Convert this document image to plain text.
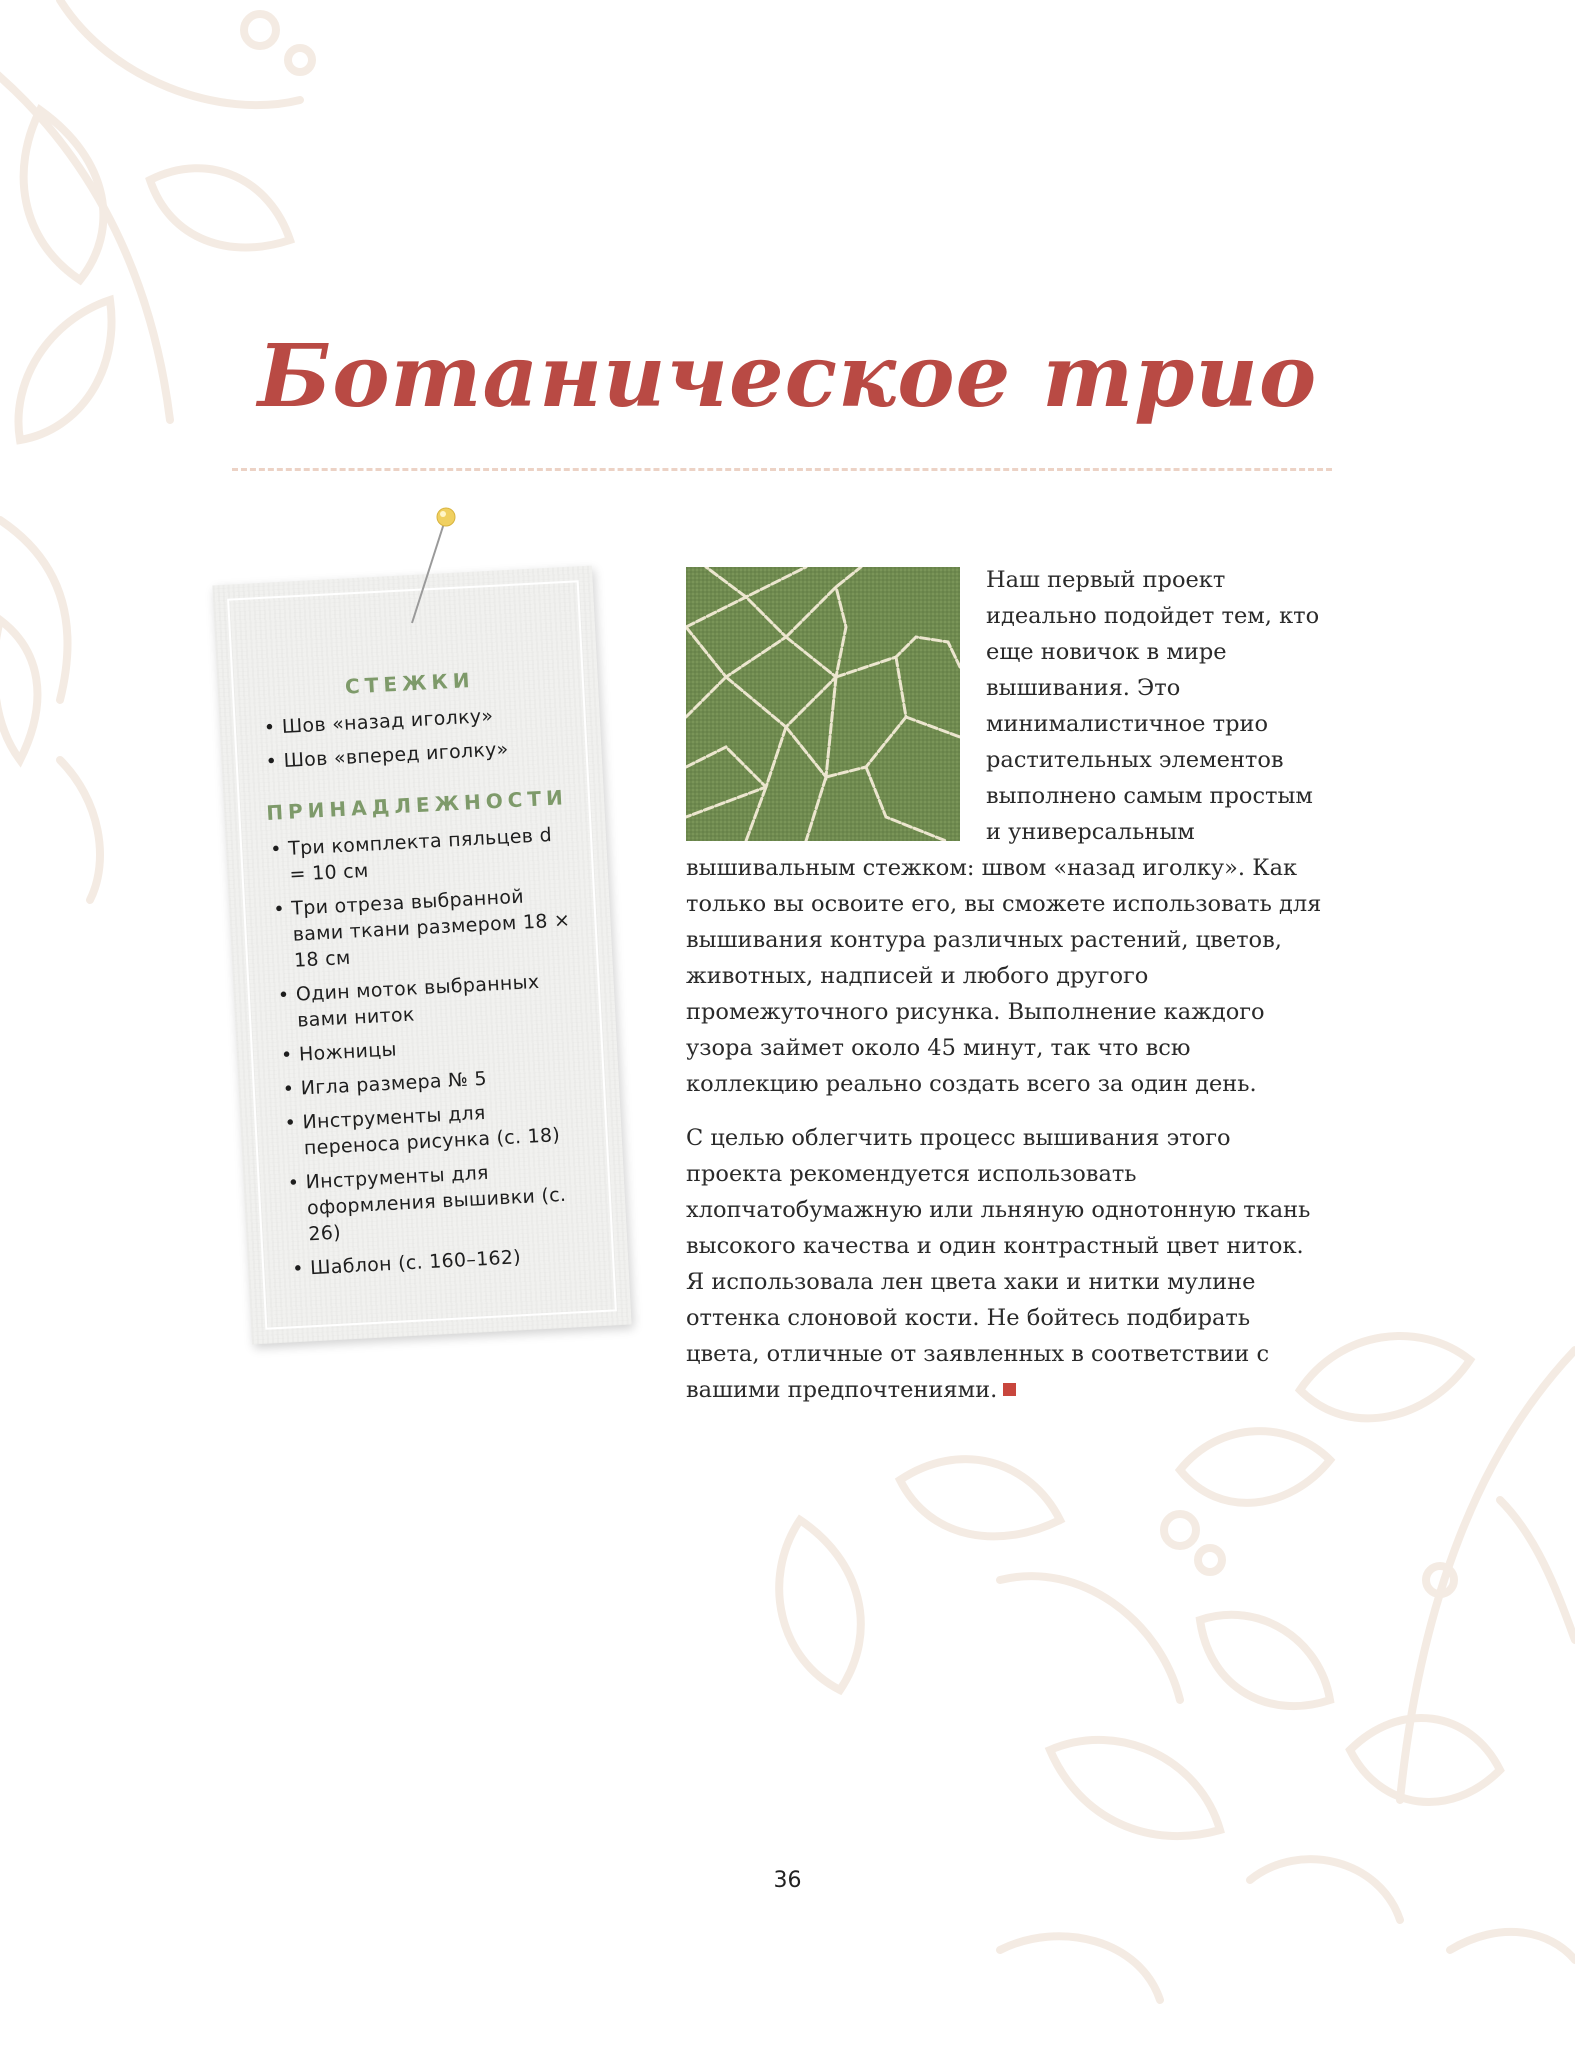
Ботаническое трио
СТЕЖКИ
• Шов «назад иголку»
• Шов «вперед иголку»
ПРИНАДЛЕЖНОСТИ
• Три комплекта пяльцев d = 10 см
• Три отреза выбранной вами ткани размером 18 × 18 см
• Один моток выбранных вами ниток
• Ножницы
• Игла размера № 5
• Инструменты для переноса рисунка (с. 18)
• Инструменты для оформления вышивки (с. 26)
• Шаблон (с. 160–162)

Наш первый проект идеально подойдет тем, кто еще новичок в мире вышивания. Это минималистичное трио растительных элементов выполнено самым простым и универсальным вышивальным стежком: швом «назад иголку». Как только вы освоите его, вы сможете использовать для вышивания контура различных растений, цветов, животных, надписей и любого другого промежуточного рисунка. Выполнение каждого узора займет около 45 минут, так что всю коллекцию реально создать всего за один день.

С целью облегчить процесс вышивания этого проекта рекомендуется использовать хлопчатобумажную или льняную однотонную ткань высокого качества и один контрастный цвет ниток. Я использовала лен цвета хаки и нитки мулине оттенка слоновой кости. Не бойтесь подбирать цвета, отличные от заявленных в соответствии с вашими предпочтениями.

36
